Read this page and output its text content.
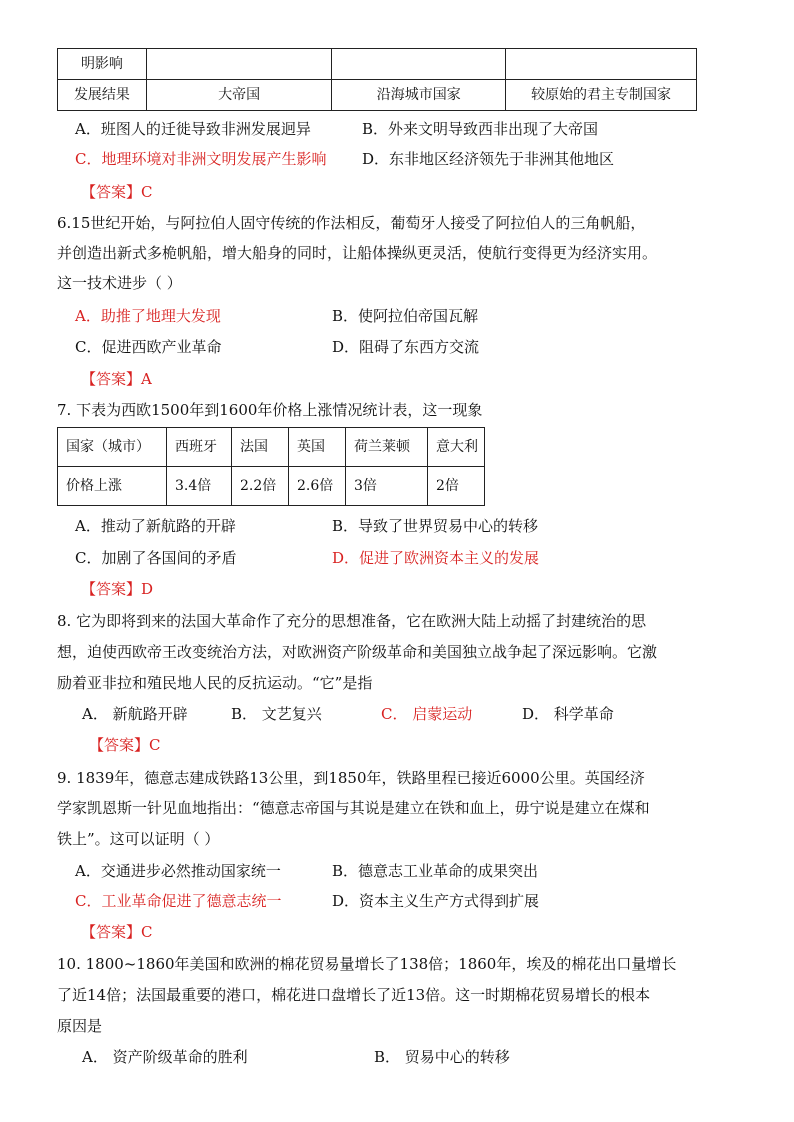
明影响			
发展结果	大帝国	沿海城市国家	较原始的君主专制国家
A．班图人的迁徙导致非洲发展迥异	B．外来文明导致西非出现了大帝国
C．地理环境对非洲文明发展产生影响 D．东非地区经济领先于非洲其他地区
【答案】C
6.15世纪开始，与阿拉伯人固守传统的作法相反，葡萄牙人接受了阿拉伯人的三角帆船，
并创造出新式多桅帆船，增大船身的同时，让船体操纵更灵活，使航行变得更为经济实用。
这一技术进步（ ）
A．助推了地理大发现	B．使阿拉伯帝国瓦解
C．促进西欧产业革命	D．阻碍了东西方交流
【答案】A
7. 下表为西欧1500年到1600年价格上涨情况统计表，这一现象
国家（城市）	西班牙	法国	英国	荷兰莱顿	意大利
价格上涨	3.4倍	2.2倍	2.6倍	3倍	2倍
A．推动了新航路的开辟	B．导致了世界贸易中心的转移
C．加剧了各国间的矛盾	D．促进了欧洲资本主义的发展
【答案】D
8. 它为即将到来的法国大革命作了充分的思想准备，它在欧洲大陆上动摇了封建统治的思
想，迫使西欧帝王改变统治方法，对欧洲资产阶级革命和美国独立战争起了深远影响。它激
励着亚非拉和殖民地人民的反抗运动。“它”是指
A． 新航路开辟	B． 文艺复兴	C． 启蒙运动	D． 科学革命
【答案】C
9. 1839年，德意志建成铁路13公里，到1850年，铁路里程已接近6000公里。英国经济
学家凯恩斯一针见血地指出：“德意志帝国与其说是建立在铁和血上，毋宁说是建立在煤和
铁上”。这可以证明（ ）
A．交通进步必然推动国家统一	B．德意志工业革命的成果突出
C．工业革命促进了德意志统一	D．资本主义生产方式得到扩展
【答案】C
10. 1800~1860年美国和欧洲的棉花贸易量增长了138倍；1860年，埃及的棉花出口量增长
了近14倍；法国最重要的港口，棉花进口盘增长了近13倍。这一时期棉花贸易增长的根本
原因是
A． 资产阶级革命的胜利	B． 贸易中心的转移
